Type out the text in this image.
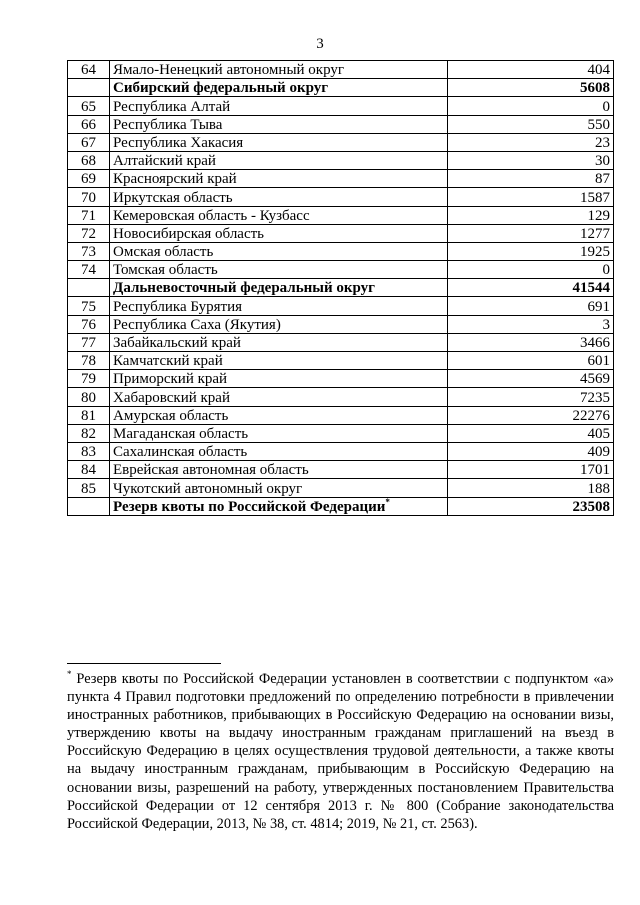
3
64	Ямало-Ненецкий автономный округ	404
	Сибирский федеральный округ	5608
65	Республика Алтай	0
66	Республика Тыва	550
67	Республика Хакасия	23
68	Алтайский край	30
69	Красноярский край	87
70	Иркутская область	1587
71	Кемеровская область - Кузбасс	129
72	Новосибирская область	1277
73	Омская область	1925
74	Томская область	0
	Дальневосточный федеральный округ	41544
75	Республика Бурятия	691
76	Республика Саха (Якутия)	3
77	Забайкальский край	3466
78	Камчатский край	601
79	Приморский край	4569
80	Хабаровский край	7235
81	Амурская область	22276
82	Магаданская область	405
83	Сахалинская область	409
84	Еврейская автономная область	1701
85	Чукотский автономный округ	188
	Резерв квоты по Российской Федерации*	23508

* Резерв квоты по Российской Федерации установлен в соответствии с подпунктом «а» пункта 4 Правил подготовки предложений по определению потребности в привлечении иностранных работников, прибывающих в Российскую Федерацию на основании визы, утверждению квоты на выдачу иностранным гражданам приглашений на въезд в Российскую Федерацию в целях осуществления трудовой деятельности, а также квоты на выдачу иностранным гражданам, прибывающим в Российскую Федерацию на основании визы, разрешений на работу, утвержденных постановлением Правительства Российской Федерации от 12 сентября 2013 г. № 800 (Собрание законодательства Российской Федерации, 2013, № 38, ст. 4814; 2019, № 21, ст. 2563).
